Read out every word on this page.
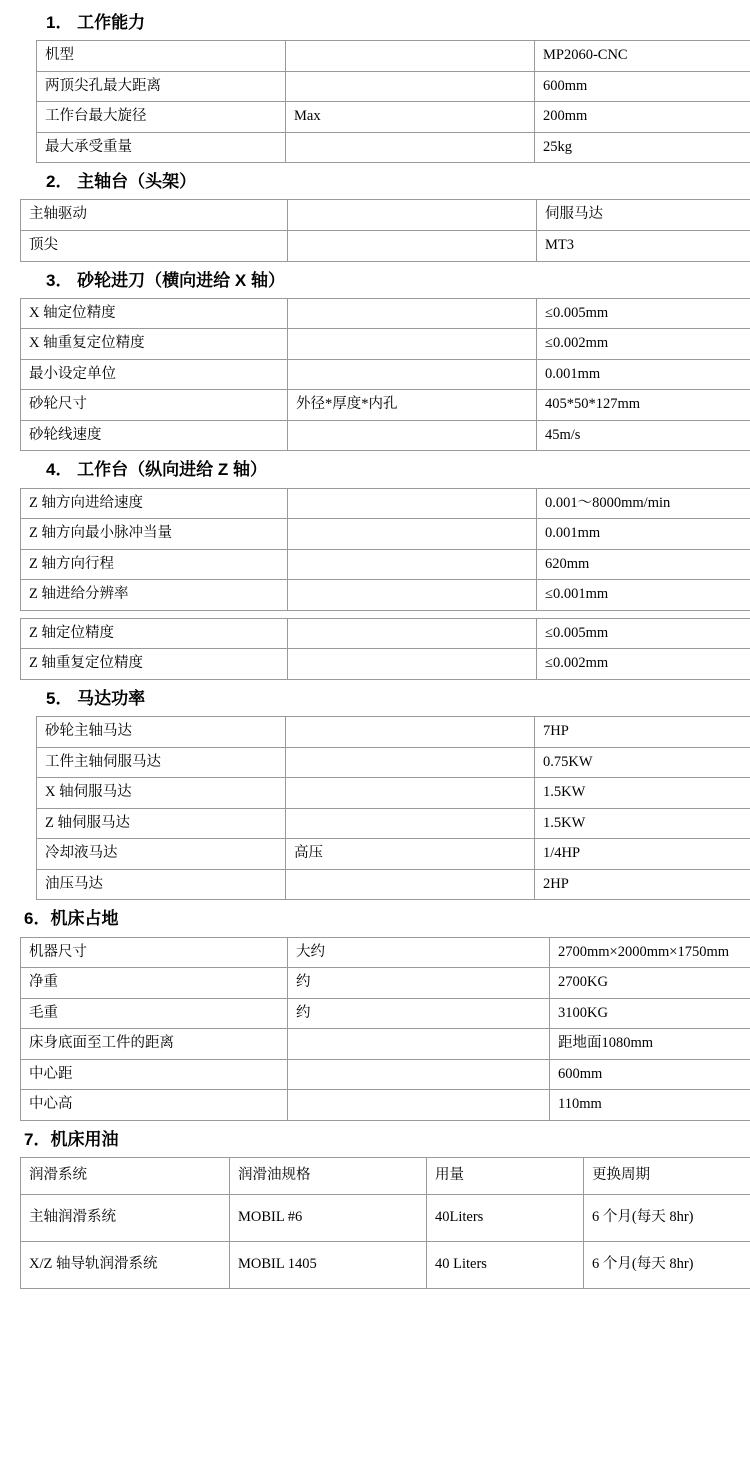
1． 工作能力
机型		MP2060-CNC
两顶尖孔最大距离		600mm
工作台最大旋径	Max	200mm
最大承受重量		25kg
2． 主轴台（头架）
主轴驱动		伺服马达
顶尖		MT3
3． 砂轮进刀（横向进给 X 轴）
X 轴定位精度		≤0.005mm
X 轴重复定位精度		≤0.002mm
最小设定单位		0.001mm
砂轮尺寸	外径*厚度*内孔	405*50*127mm
砂轮线速度		45m/s
4． 工作台（纵向进给 Z 轴）
Z 轴方向进给速度		0.001～8000mm/min
Z 轴方向最小脉冲当量		0.001mm
Z 轴方向行程		620mm
Z 轴进给分辨率		≤0.001mm
Z 轴定位精度		≤0.005mm
Z 轴重复定位精度		≤0.002mm
5． 马达功率
砂轮主轴马达		7HP
工件主轴伺服马达		0.75KW
X 轴伺服马达		1.5KW
Z 轴伺服马达		1.5KW
冷却液马达	高压	1/4HP
油压马达		2HP
6．机床占地
机器尺寸	大约	2700mm×2000mm×1750mm
净重	约	2700KG
毛重	约	3100KG
床身底面至工件的距离		距地面1080mm
中心距		600mm
中心高		110mm
7．机床用油
润滑系统	润滑油规格	用量	更换周期
主轴润滑系统	MOBIL #6	40Liters	6 个月(每天 8hr)
X/Z 轴导轨润滑系统	MOBIL 1405	40 Liters	6 个月(每天 8hr)
